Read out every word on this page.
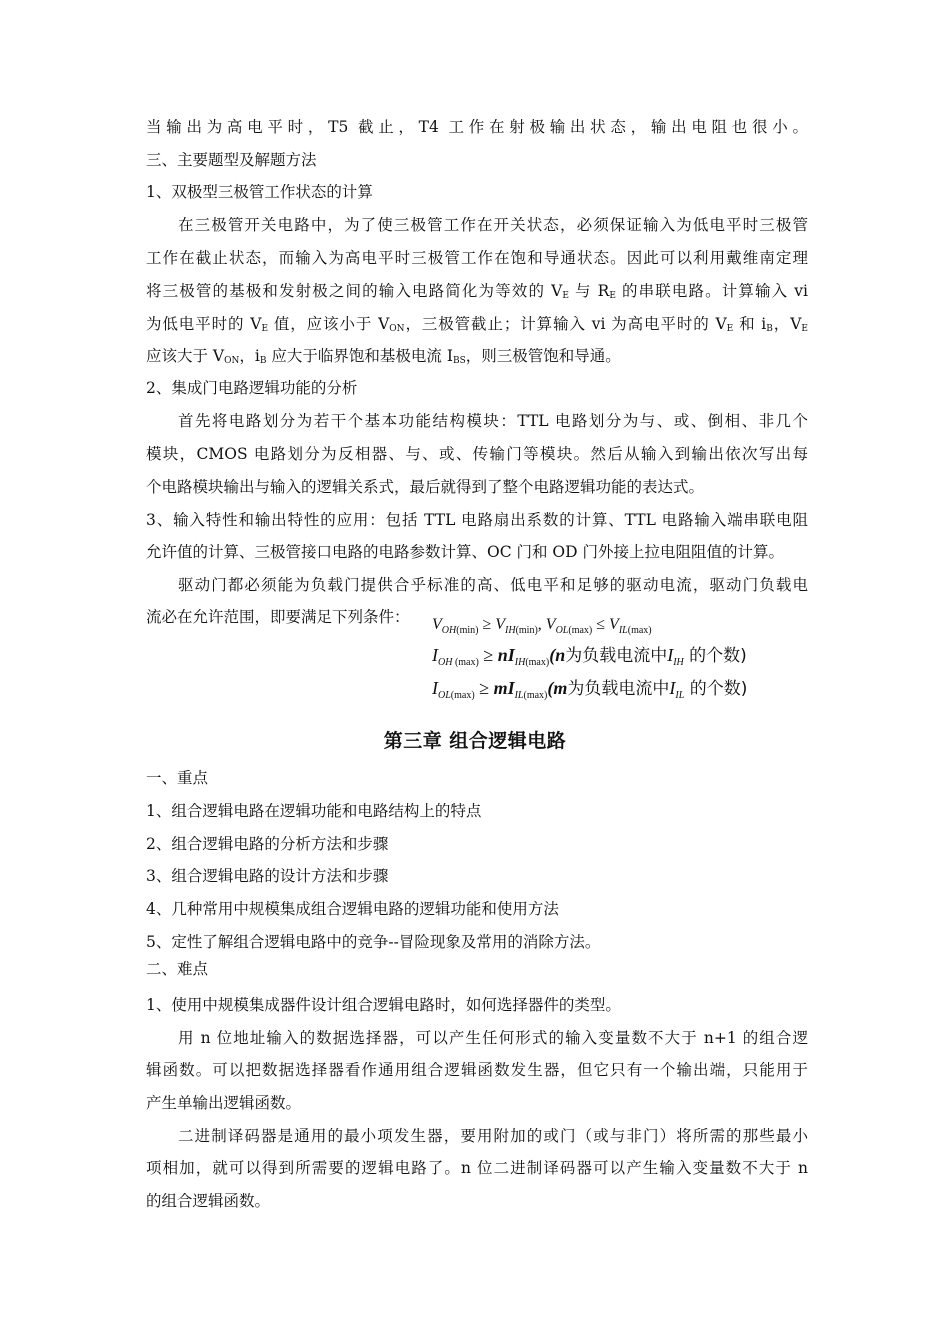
当输出为高电平时，T5 截止，T4 工作在射极输出状态，输出电阻也很小。
三、主要题型及解题方法
1、双极型三极管工作状态的计算
在三极管开关电路中，为了使三极管工作在开关状态，必须保证输入为低电平时三极管
工作在截止状态，而输入为高电平时三极管工作在饱和导通状态。因此可以利用戴维南定理
将三极管的基极和发射极之间的输入电路简化为等效的 $V_E$ 与 $R_E$ 的串联电路。计算输入 vi
为低电平时的 $V_E$ 值，应该小于 $V_{ON}$，三极管截止；计算输入 vi 为高电平时的 $V_E$ 和 $i_B$，$V_E$
应该大于 $V_{ON}$，$i_B$ 应大于临界饱和基极电流 $I_{BS}$，则三极管饱和导通。
2、集成门电路逻辑功能的分析
首先将电路划分为若干个基本功能结构模块：TTL 电路划分为与、或、倒相、非几个
模块，CMOS 电路划分为反相器、与、或、传输门等模块。然后从输入到输出依次写出每
个电路模块输出与输入的逻辑关系式，最后就得到了整个电路逻辑功能的表达式。
3、输入特性和输出特性的应用：包括 TTL 电路扇出系数的计算、TTL 电路输入端串联电阻
允许值的计算、三极管接口电路的电路参数计算、OC 门和 OD 门外接上拉电阻阻值的计算。
驱动门都必须能为负载门提供合乎标准的高、低电平和足够的驱动电流，驱动门负载电
流必在允许范围，即要满足下列条件： $V_{OH(min)} \ge V_{IH(min)}$, $V_{OL(max)} \le V_{IL(max)}$
$I_{OH (max)} \ge nI_{IH(max)}(n$为负载电流中$I_{IH}$ 的个数)
$I_{OL(max)} \ge mI_{IL(max)}(m$为负载电流中$I_{IL}$ 的个数)
第三章 组合逻辑电路
一、重点
1、组合逻辑电路在逻辑功能和电路结构上的特点
2、组合逻辑电路的分析方法和步骤
3、组合逻辑电路的设计方法和步骤
4、几种常用中规模集成组合逻辑电路的逻辑功能和使用方法
5、定性了解组合逻辑电路中的竞争--冒险现象及常用的消除方法。
二、难点
1、使用中规模集成器件设计组合逻辑电路时，如何选择器件的类型。
用 n 位地址输入的数据选择器，可以产生任何形式的输入变量数不大于 n+1 的组合逻
辑函数。可以把数据选择器看作通用组合逻辑函数发生器，但它只有一个输出端，只能用于
产生单输出逻辑函数。
二进制译码器是通用的最小项发生器，要用附加的或门（或与非门）将所需的那些最小
项相加，就可以得到所需要的逻辑电路了。n 位二进制译码器可以产生输入变量数不大于 n
的组合逻辑函数。
